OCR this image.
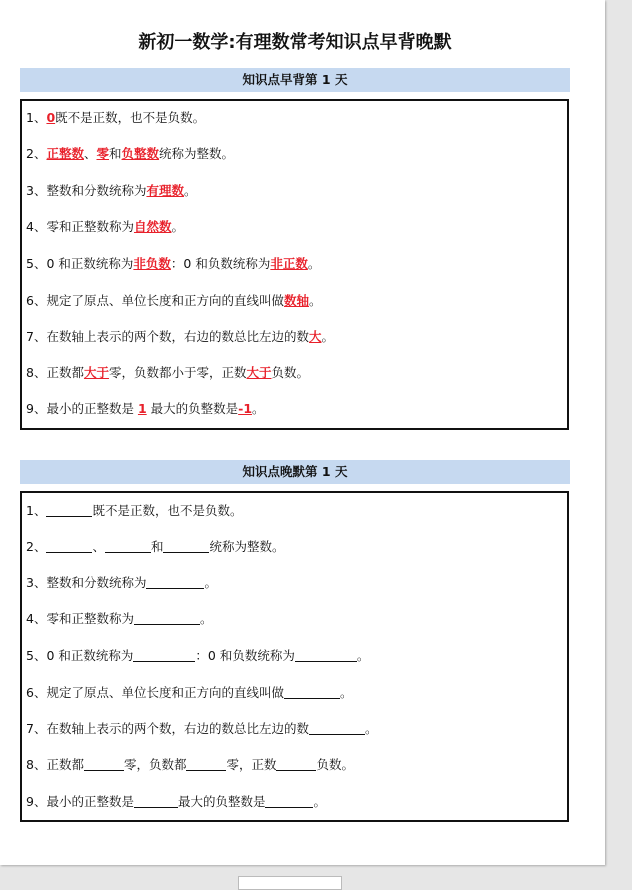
新初一数学:有理数常考知识点早背晚默
知识点早背第 1 天
1、0既不是正数，也不是负数。
2、正整数、零和负整数统称为整数。
3、整数和分数统称为有理数。
4、零和正整数称为自然数。
5、0 和正数统称为非负数：0 和负数统称为非正数。
6、规定了原点、单位长度和正方向的直线叫做数轴。
7、在数轴上表示的两个数，右边的数总比左边的数大。
8、正数都大于零，负数都小于零，正数大于负数。
9、最小的正整数是 1 最大的负整数是-1。
知识点晚默第 1 天
1、	既不是正数，也不是负数。
2、	、	和	统称为整数。
3、整数和分数统称为	。
4、零和正整数称为	。
5、0 和正数统称为	：0 和负数统称为	。
6、规定了原点、单位长度和正方向的直线叫做	。
7、在数轴上表示的两个数，右边的数总比左边的数	。
8、正数都	零，负数都	零，正数	负数。
9、最小的正整数是	最大的负整数是	。
